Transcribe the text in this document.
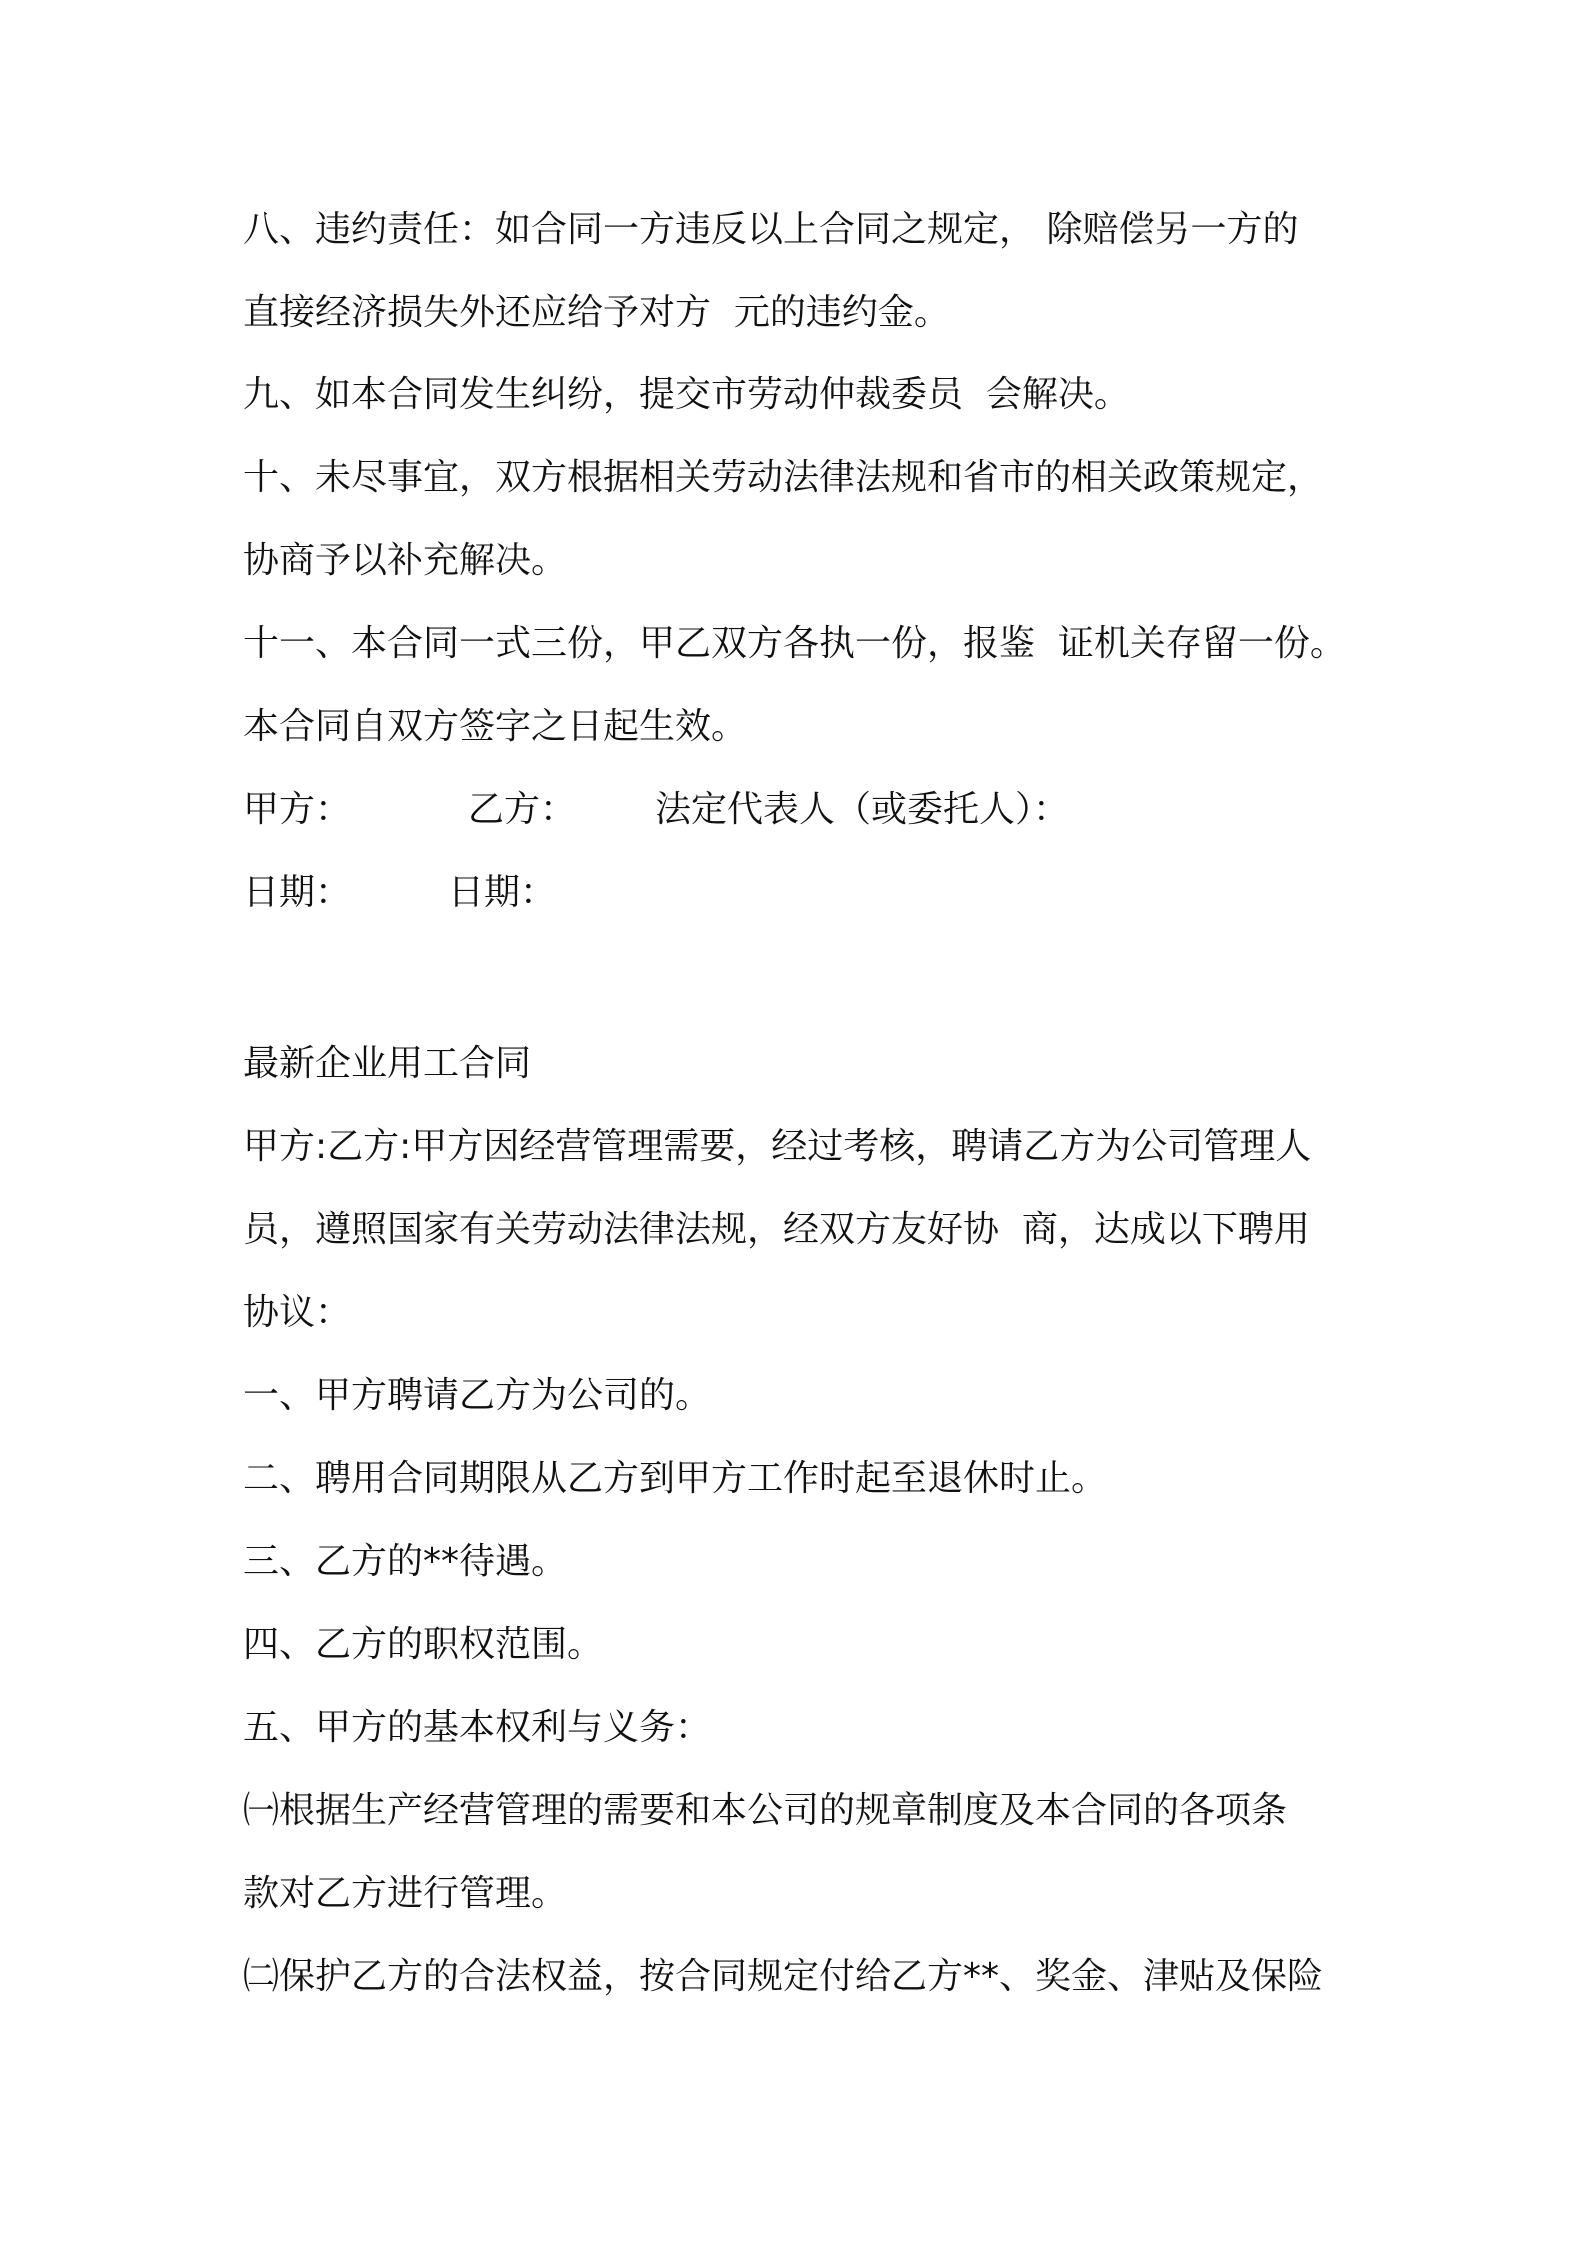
八、违约责任：如合同一方违反以上合同之规定， 除赔偿另一方的
直接经济损失外还应给予对方  元的违约金。
九、如本合同发生纠纷，提交市劳动仲裁委员  会解决。
十、未尽事宜，双方根据相关劳动法律法规和省市的相关政策规定，
协商予以补充解决。
十一、本合同一式三份，甲乙双方各执一份，报鉴  证机关存留一份。
本合同自双方签字之日起生效。
甲方：	乙方： 法定代表人（或委托人）：
日期：	日期：
最新企业用工合同
甲方:乙方:甲方因经营管理需要，经过考核，聘请乙方为公司管理人
员，遵照国家有关劳动法律法规，经双方友好协  商，达成以下聘用
协议：
一、甲方聘请乙方为公司的。
二、聘用合同期限从乙方到甲方工作时起至退休时止。
三、乙方的**待遇。
四、乙方的职权范围。
五、甲方的基本权利与义务：
㈠根据生产经营管理的需要和本公司的规章制度及本合同的各项条
款对乙方进行管理。
㈡保护乙方的合法权益，按合同规定付给乙方**、奖金、津贴及保险
